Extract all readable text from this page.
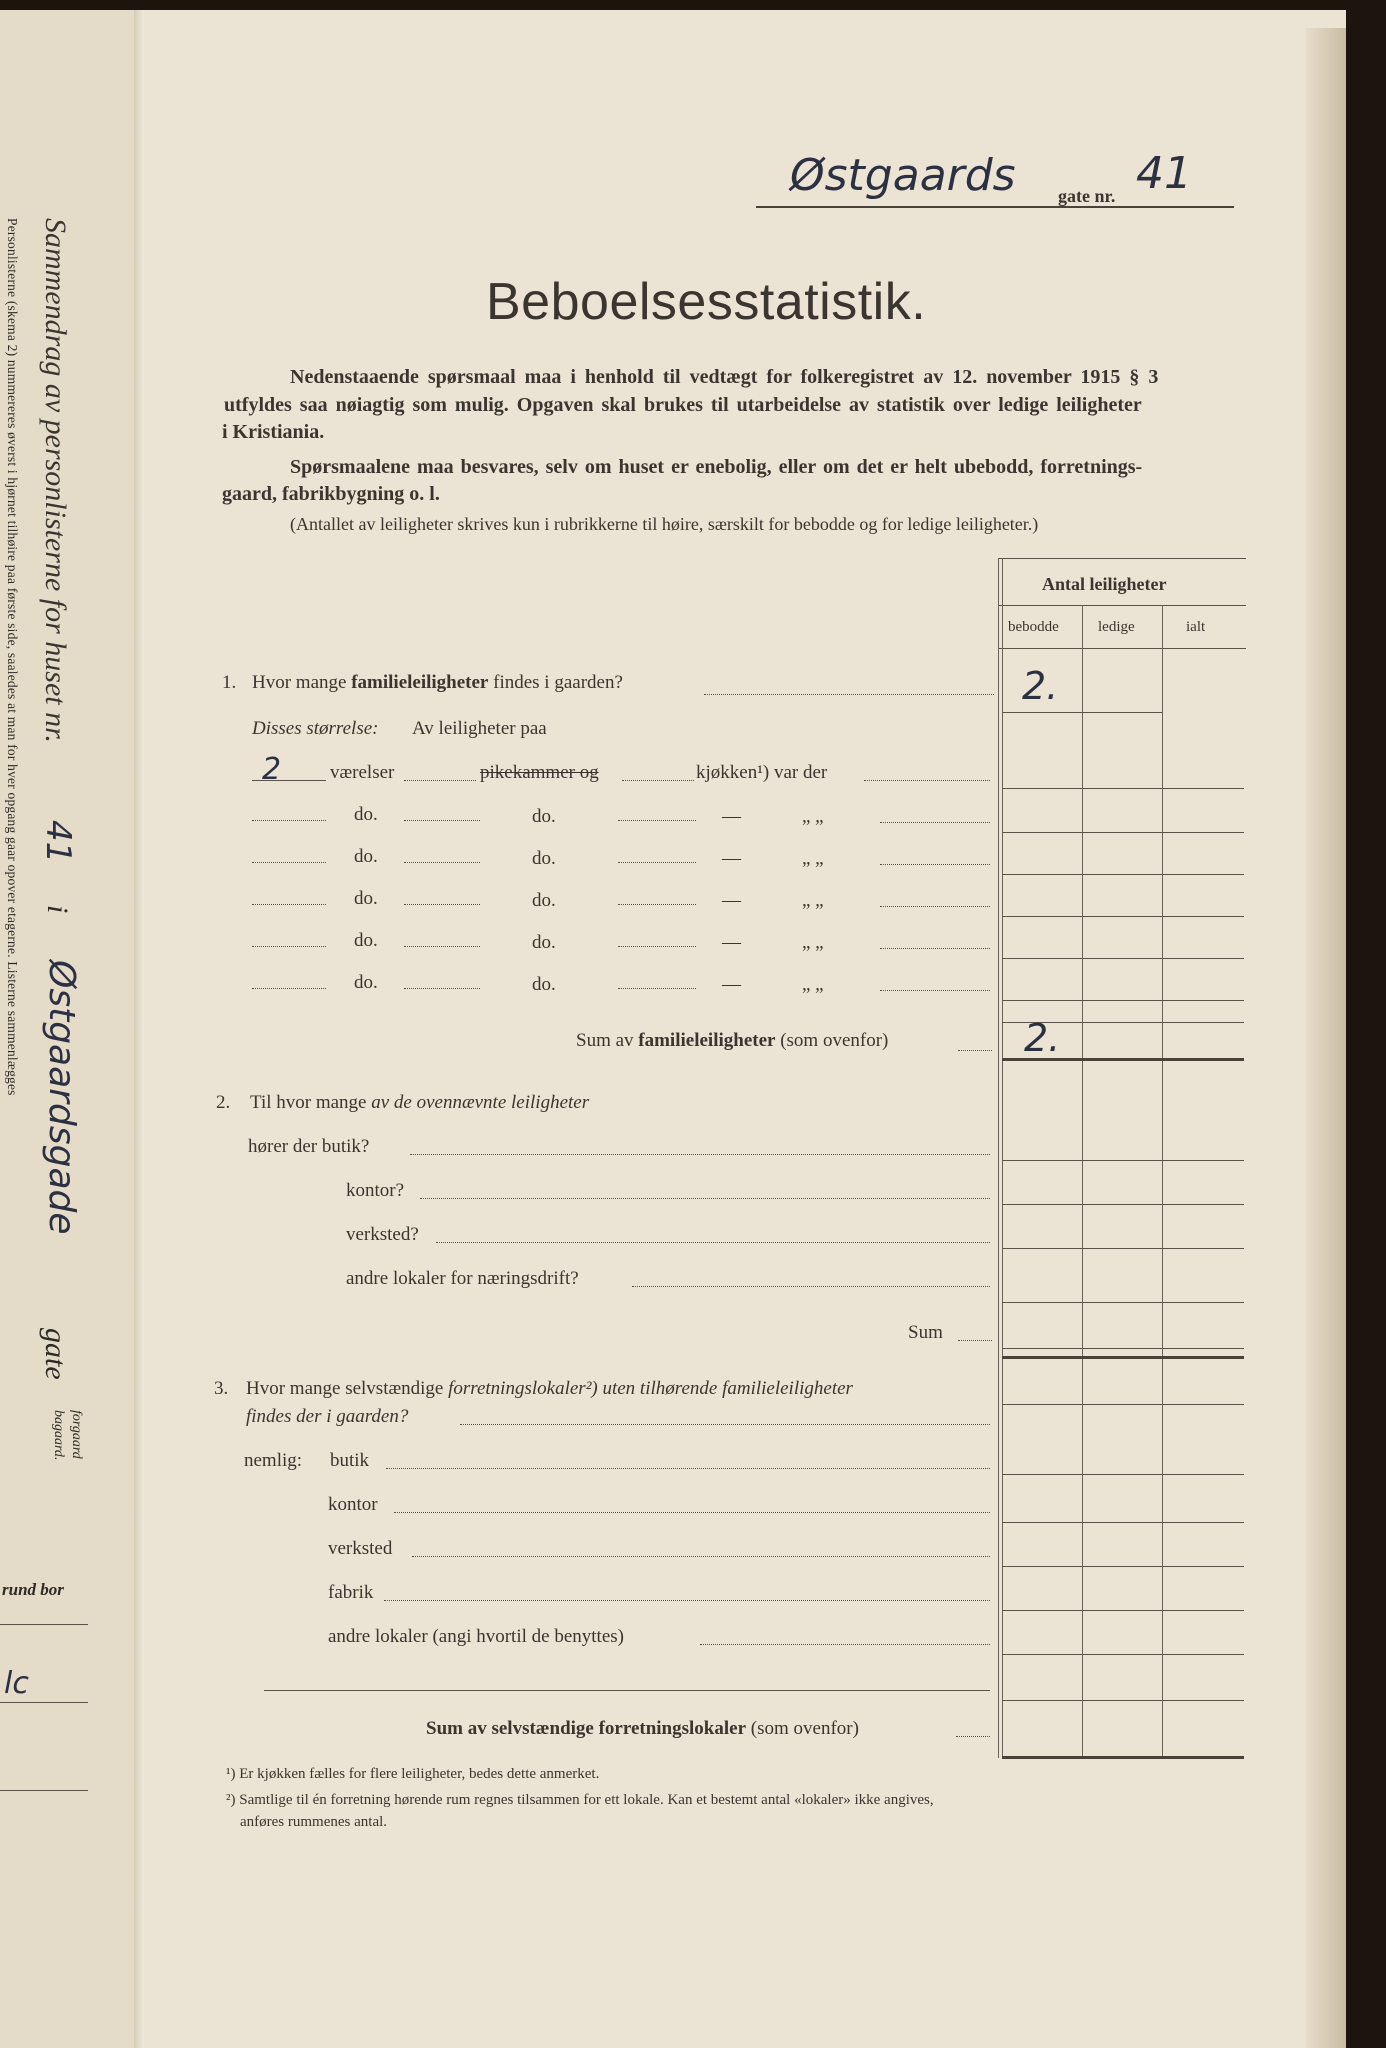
Sammendrag av personlisterne for huset nr.
41
i
Østgaardsgade
gate
forgaard
bagaard.
Personlisterne (skema 2) nummereres øverst i hjørnet tilhøire paa første side, saaledes at man for hver opgang gaar opover etagerne. Listerne sammenlægges
rund bor
lc
Østgaards gate nr. 41
Beboelsesstatistik.
Nedenstaaende spørsmaal maa i henhold til vedtægt for folkeregistret av 12. november 1915 § 3
utfyldes saa nøiagtig som mulig. Opgaven skal brukes til utarbeidelse av statistik over ledige leiligheter
i Kristiania.
Spørsmaalene maa besvares, selv om huset er enebolig, eller om det er helt ubebodd, forretnings-
gaard, fabrikbygning o. l.
(Antallet av leiligheter skrives kun i rubrikkerne til høire, særskilt for bebodde og for ledige leiligheter.)
Antal leiligheter
bebodde	ledige	ialt
1. Hvor mange familieleiligheter findes i gaarden?	2.
Disses størrelse: Av leiligheter paa
2	værelser	pikekammer og	kjøkken¹) var der
do.	do.	—	„ „
do.	do.	—	„ „
do.	do.	—	„ „
do.	do.	—	„ „
do.	do.	—	„ „
Sum av familieleiligheter (som ovenfor)	2.
2. Til hvor mange av de ovennævnte leiligheter
hører der butik?
kontor?
verksted?
andre lokaler for næringsdrift?
Sum
3. Hvor mange selvstændige forretningslokaler²) uten tilhørende familieleiligheter
findes der i gaarden?
nemlig: butik
kontor
verksted
fabrik
andre lokaler (angi hvortil de benyttes)
Sum av selvstændige forretningslokaler (som ovenfor)
¹) Er kjøkken fælles for flere leiligheter, bedes dette anmerket.
²) Samtlige til én forretning hørende rum regnes tilsammen for ett lokale. Kan et bestemt antal «lokaler» ikke angives,
anføres rummenes antal.
